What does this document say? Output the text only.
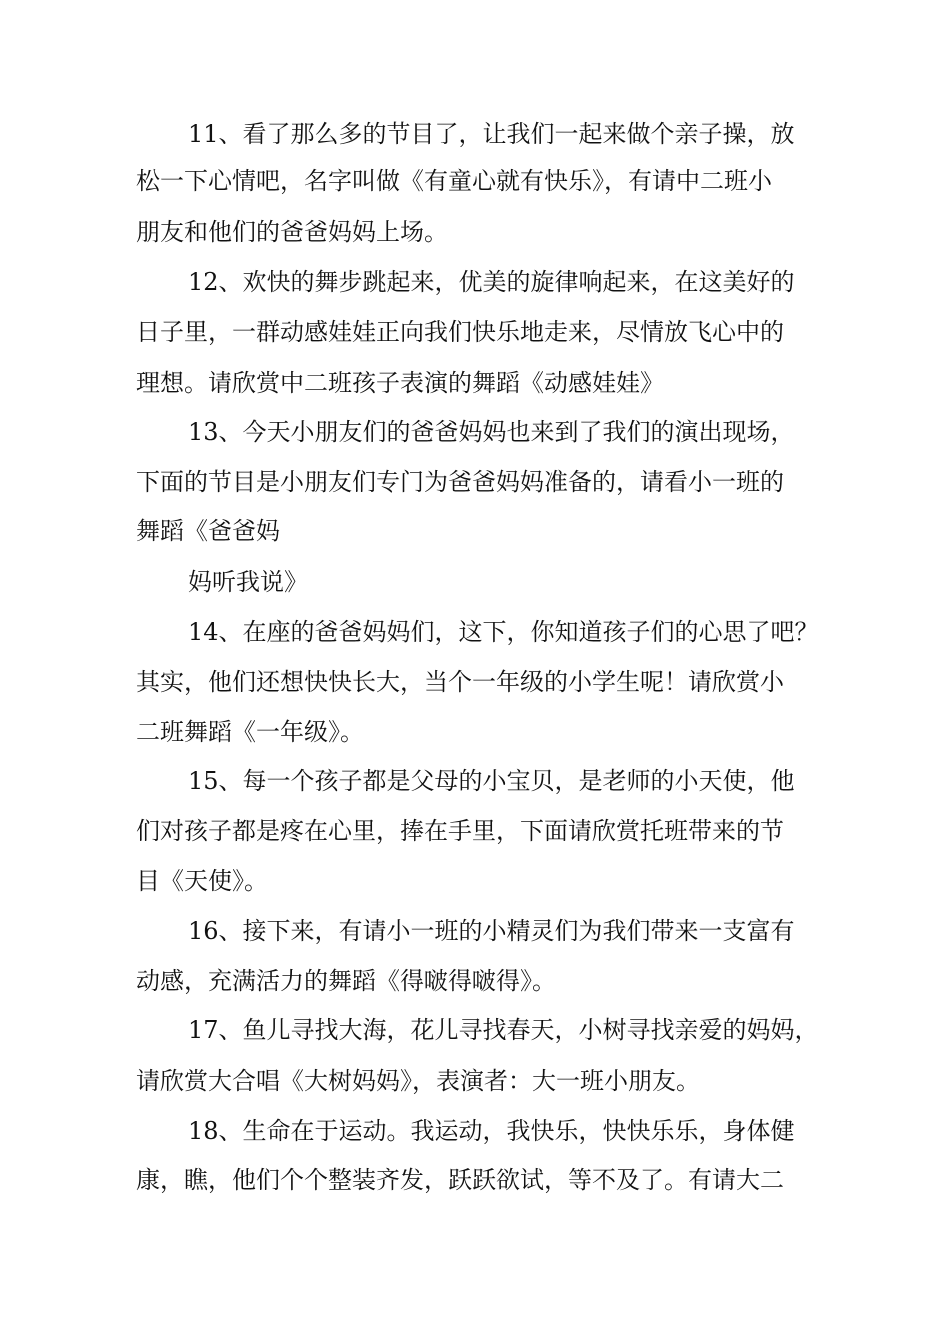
11、看了那么多的节目了，让我们一起来做个亲子操，放
松一下心情吧，名字叫做《有童心就有快乐》，有请中二班小
朋友和他们的爸爸妈妈上场。
12、欢快的舞步跳起来，优美的旋律响起来，在这美好的
日子里，一群动感娃娃正向我们快乐地走来，尽情放飞心中的
理想。请欣赏中二班孩子表演的舞蹈《动感娃娃》
13、今天小朋友们的爸爸妈妈也来到了我们的演出现场，
下面的节目是小朋友们专门为爸爸妈妈准备的，请看小一班的
舞蹈《爸爸妈
妈听我说》
14、在座的爸爸妈妈们，这下，你知道孩子们的心思了吧？
其实，他们还想快快长大，当个一年级的小学生呢！请欣赏小
二班舞蹈《一年级》。
15、每一个孩子都是父母的小宝贝，是老师的小天使，他
们对孩子都是疼在心里，捧在手里，下面请欣赏托班带来的节
目《天使》。
16、接下来，有请小一班的小精灵们为我们带来一支富有
动感，充满活力的舞蹈《得啵得啵得》。
17、鱼儿寻找大海，花儿寻找春天，小树寻找亲爱的妈妈，
请欣赏大合唱《大树妈妈》，表演者：大一班小朋友。
18、生命在于运动。我运动，我快乐，快快乐乐，身体健
康，瞧，他们个个整装齐发，跃跃欲试，等不及了。有请大二
